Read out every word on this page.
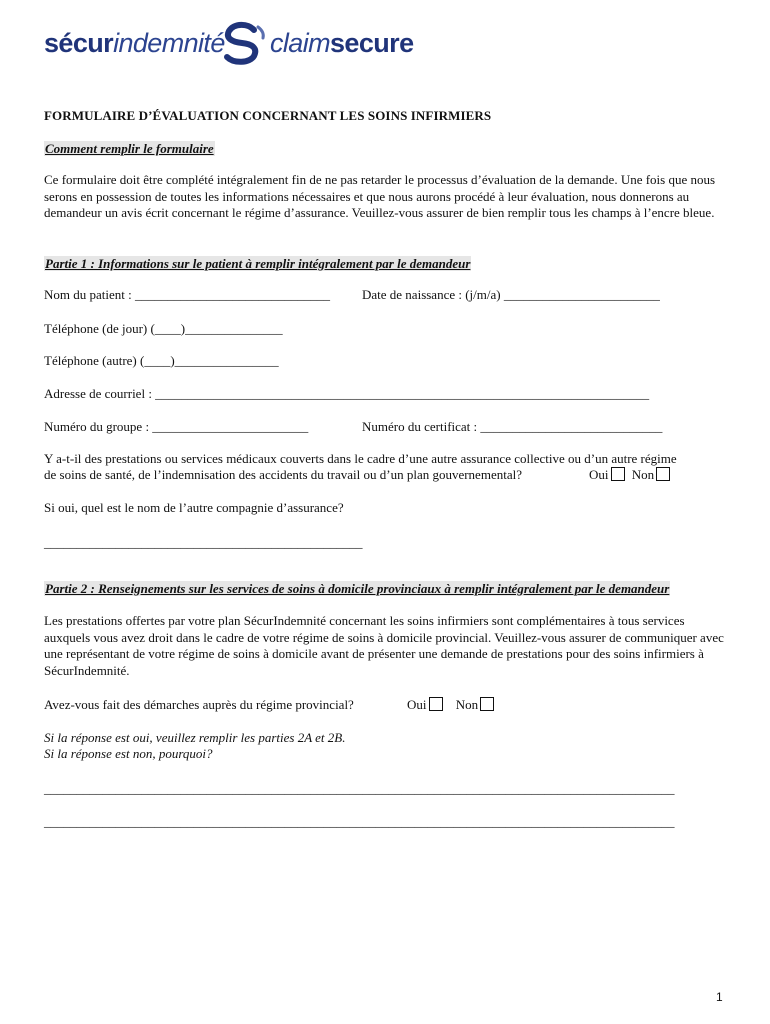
sécurindemnité claimsecure
FORMULAIRE D’ÉVALUATION CONCERNANT LES SOINS INFIRMIERS
Comment remplir le formulaire
Ce formulaire doit être complété intégralement fin de ne pas retarder le processus d’évaluation de la demande. Une fois que nous serons en possession de toutes les informations nécessaires et que nous aurons procédé à leur évaluation, nous donnerons au demandeur un avis écrit concernant le régime d’assurance. Veuillez-vous assurer de bien remplir tous les champs à l’encre bleue.
Partie 1 : Informations sur le patient à remplir intégralement par le demandeur
Nom du patient : ______________________________ Date de naissance : (j/m/a) ________________________
Téléphone (de jour) (____)_______________
Téléphone (autre) (____)________________
Adresse de courriel : ____________________________________________________________________________
Numéro du groupe : ________________________	Numéro du certificat : ____________________________
Y a-t-il des prestations ou services médicaux couverts dans le cadre d’une autre assurance collective ou d’un autre régime
de soins de santé, de l’indemnisation des accidents du travail ou d’un plan gouvernemental?	Oui Non
Si oui, quel est le nom de l’autre compagnie d’assurance?
_________________________________________________
Partie 2 : Renseignements sur les services de soins à domicile provinciaux à remplir intégralement par le demandeur
Les prestations offertes par votre plan SécurIndemnité concernant les soins infirmiers sont complémentaires à tous services auxquels vous avez droit dans le cadre de votre régime de soins à domicile provincial. Veuillez-vous assurer de communiquer avec une représentant de votre régime de soins à domicile avant de présenter une demande de prestations pour des soins infirmiers à SécurIndemnité.
Avez-vous fait des démarches auprès du régime provincial?	Oui Non
Si la réponse est oui, veuillez remplir les parties 2A et 2B.
Si la réponse est non, pourquoi?
_________________________________________________________________________________________________
_________________________________________________________________________________________________
1
